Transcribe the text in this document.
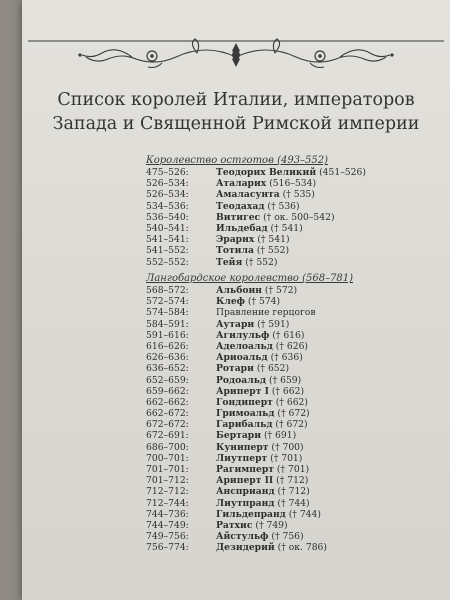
Список королей Италии, императоров
Запада и Священной Римской империи
Королевство остготов (493–552)
475–526:	Теодорих Великий (451–526)
526–534:	Аталарих (516–534)
526–534:	Амаласунта († 535)
534–536:	Теодахад († 536)
536–540:	Витигес († ок. 500–542)
540–541:	Ильдебад († 541)
541–541:	Эрарих († 541)
541–552:	Тотила († 552)
552–552:	Тейя († 552)
Лангобардское королевство (568–781)
568–572:	Альбоин († 572)
572–574:	Клеф († 574)
574–584:	Правление герцогов
584–591:	Аутари († 591)
591–616:	Агилульф († 616)
616–626:	Аделоальд († 626)
626–636:	Ариоальд († 636)
636–652:	Ротари († 652)
652–659:	Родоальд († 659)
659–662:	Ариперт I († 662)
662–662:	Гондиперт († 662)
662–672:	Гримоальд († 672)
672–672:	Гарибальд († 672)
672–691:	Бертари († 691)
686–700:	Куниперт († 700)
700–701:	Лиутперт († 701)
701–701:	Рагимперт († 701)
701–712:	Ариперт II († 712)
712–712:	Ансприанд († 712)
712–744:	Лиутпранд († 744)
744–736:	Гильдепранд († 744)
744–749:	Ратхис († 749)
749–756:	Айстульф († 756)
756–774:	Дезидерий († ок. 786)
